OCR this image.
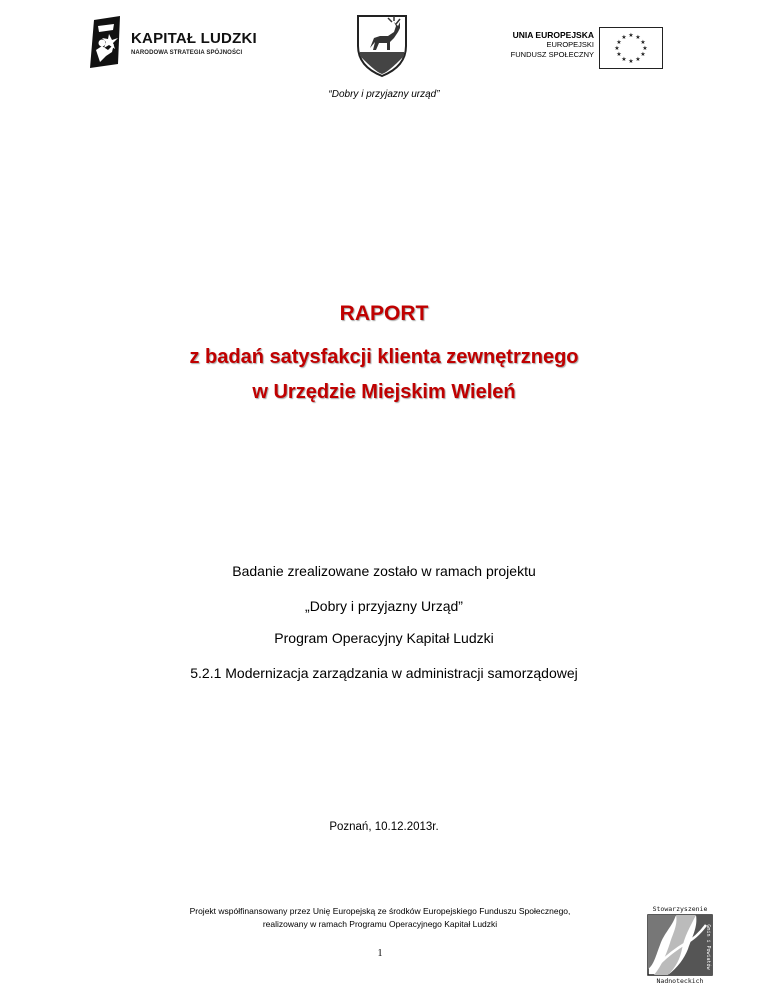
KAPITAŁ LUDZKI
NARODOWA STRATEGIA SPÓJNOŚCI
UNIA EUROPEJSKA
EUROPEJSKI
FUNDUSZ SPOŁECZNY
★ ★
★
★
★
★
★
★
★
★
★
★
“Dobry i przyjazny urząd”
RAPORT
z badań satysfakcji klienta zewnętrznego
w Urzędzie Miejskim Wieleń
Badanie zrealizowane zostało w ramach projektu
„Dobry i przyjazny Urząd”
Program Operacyjny Kapitał Ludzki
5.2.1 Modernizacja zarządzania w administracji samorządowej
Poznań, 10.12.2013r.
Projekt współfinansowany przez Unię Europejską ze środków Europejskiego Funduszu Społecznego,
realizowany w ramach Programu Operacyjnego Kapitał Ludzki
1
Stowarzyszenie
Gmin i Powiatów
Nadnoteckich
